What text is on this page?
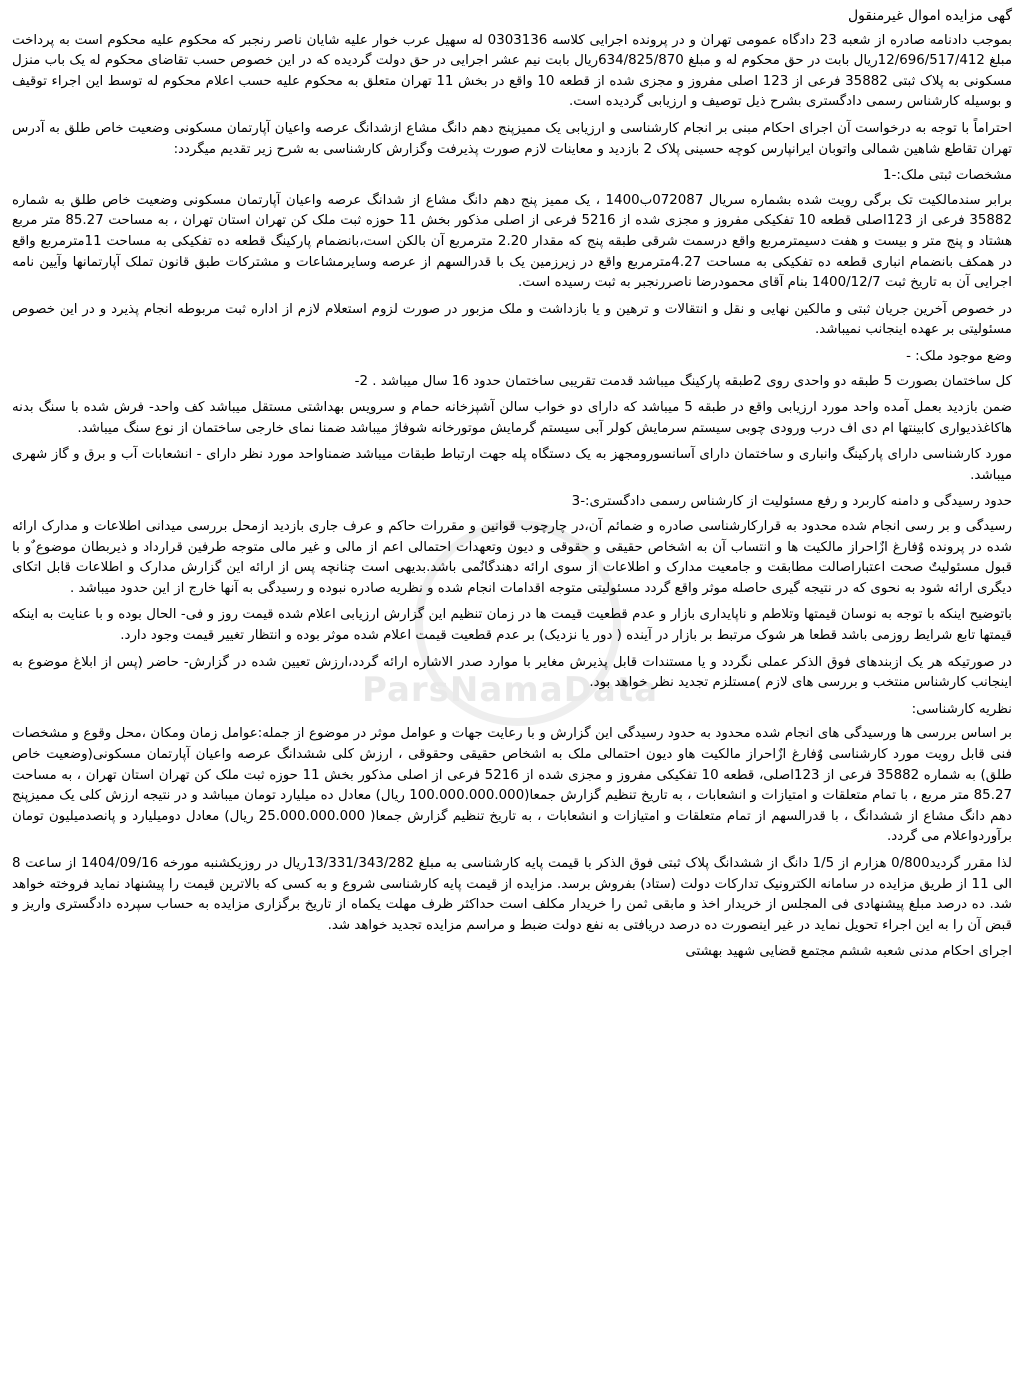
ParsNamaData

گهی مزایده اموال غیرمنقول

بموجب دادنامه صادره از شعبه 23 دادگاه عمومی تهران و در پرونده اجرایی کلاسه 0303136 له سهیل عرب خوار علیه شایان ناصر رنجبر که محکوم علیه محکوم است به پرداخت مبلغ 12/696/517/412ریال بابت در حق محکوم له و مبلغ 634/825/870ریال بابت نیم عشر اجرایی در حق دولت گردیده که در این خصوص حسب تقاضای محکوم له یک باب منزل مسکونی به پلاک ثبتی 35882 فرعی از 123 اصلی مفروز و مجزی شده از قطعه 10 واقع در بخش 11 تهران متعلق به محکوم علیه حسب اعلام محکوم له توسط این اجراء توقیف و بوسیله کارشناس رسمی دادگستری بشرح ذیل توصیف و ارزیابی گردیده است.

احتراماً با توجه به درخواست آن اجرای احکام مبنی بر انجام کارشناسی و ارزیابی یک ممیزپنج دهم دانگ مشاع ازشدانگ عرصه واعیان آپارتمان مسکونی وضعیت خاص طلق به آدرس تهران تقاطع شاهین شمالی واتوبان ایرانپارس کوچه حسینی پلاک 2 بازدید و معاینات لازم صورت پذیرفت وگزارش کارشناسی به شرح زیر تقدیم میگردد:

مشخصات ثبتی ملک:-1

برابر سندمالکیت تک برگی رویت شده بشماره سریال 072087ب1400 ، یک ممیز پنج دهم دانگ مشاع از شدانگ عرصه واعیان آپارتمان مسکونی وضعیت خاص طلق به شماره 35882 فرعی از 123اصلی قطعه 10 تفکیکی مفروز و مجزی شده از 5216 فرعی از اصلی مذکور بخش 11 حوزه ثبت ملک کن تهران استان تهران ، به مساحت 85.27 متر مربع هشتاد و پنج متر و بیست و هفت دسیمترمربع واقع درسمت شرقی طبقه پنج که مقدار 2.20 مترمربع آن بالکن است،بانضمام پارکینگ قطعه ده تفکیکی به مساحت 11مترمربع واقع در همکف بانضمام انباری قطعه ده تفکیکی به مساحت 4.27مترمربع واقع در زیرزمین یک با قدرالسهم از عرصه وسایرمشاعات و مشترکات طبق قانون تملک آپارتمانها وآیین نامه اجرایی آن به تاریخ ثبت 1400/12/7 بنام آقای محمودرضا ناصررنجبر به ثبت رسیده است.

در خصوص آخرین جریان ثبتی و مالکین نهایی و نقل و انتقالات و ترهین و یا بازداشت و ملک مزبور در صورت لزوم استعلام لازم از اداره ثبت مربوطه انجام پذیرد و در این خصوص مسئولیتی بر عهده اینجانب نمیباشد.

وضع موجود ملک: -

کل ساختمان بصورت 5 طبقه دو واحدی روی 2طبقه پارکینگ میباشد قدمت تقریبی ساختمان حدود 16 سال میباشد . 2-

ضمن بازدید بعمل آمده واحد مورد ارزیابی واقع در طبقه 5 میباشد که دارای دو خواب سالن آشپزخانه حمام و سرویس بهداشتی مستقل میباشد کف واحد- فرش شده با سنگ بدنه هاکاغذدیواری کابینتها ام دی اف درب ورودی چوبی سیستم سرمایش کولر آبی سیستم گرمایش موتورخانه شوفاژ میباشد ضمنا نمای خارجی ساختمان از نوع سنگ میباشد.

مورد کارشناسی دارای پارکینگ وانباری و ساختمان دارای آسانسورومجهز به یک دستگاه پله جهت ارتباط طبقات میباشد ضمناواحد مورد نظر دارای - انشعابات آب و برق و گاز شهری میباشد.

حدود رسیدگی و دامنه کاربرد و رفع مسئولیت از کارشناس رسمی دادگستری:-3

رسیدگی و بر رسی انجام شده محدود به قرارکارشناسی صادره و ضمائم آن،در چارچوب قوانین و مقررات حاکم و عرف جاری بازدید ازمحل بررسی میدانی اطلاعات و مدارک ارائه شده در پرونده وٌفارغ ازٌاحراز مالکیت ها و انتساب آن به اشخاص حقیقی و حقوقی و دیون وتعهدات احتمالی اعم از مالی و غیر مالی متوجه طرفین قرارداد و ذیربطان موضوع ٌو با قبول مسئولیتٌ صحت اعتباراصالت مطابقت و جامعیت مدارک و اطلاعات از سوی ارائه دهندگانٌمی باشد.بدیهی است چنانچه پس از ارائه این گزارش مدارک و اطلاعات قابل اتکای دیگری ارائه شود به نحوی که در نتیجه گیری حاصله موثر واقع گردد مسئولیتی متوجه اقدامات انجام شده و نظریه صادره نبوده و رسیدگی به آنها خارج از این حدود میباشد .

باتوضیح اینکه با توجه به نوسان قیمتها وتلاطم و ناپایداری بازار و عدم قطعیت قیمت ها در زمان تنظیم این گزارش ارزیابی اعلام شده قیمت روز و فی- الحال بوده و با عنایت به اینکه قیمتها تابع شرایط روزمی باشد قطعا هر شوک مرتبط بر بازار در آینده ( دور یا نزدیک) بر عدم قطعیت قیمت اعلام شده موثر بوده و انتظار تغییر قیمت وجود دارد.

در صورتیکه هر یک ازبندهای فوق الذکر عملی نگردد و یا مستندات قابل پذیرش مغایر با موارد صدر الاشاره ارائه گردد،ارزش تعیین شده در گزارش- حاضر (پس از ابلاغ موضوع به اینجانب کارشناس منتخب و بررسی های لازم )مستلزم تجدید نظر خواهد بود.

نظریه کارشناسی:

بر اساس بررسی ها ورسیدگی های انجام شده محدود به حدود رسیدگی این گزارش و با رعایت جهات و عوامل موثر در موضوع از جمله:عوامل زمان ومکان ،محل وقوع و مشخصات فنی قابل رویت مورد کارشناسی وٌفارغ ازٌاحراز مالکیت هاو دیون احتمالی ملک به اشخاص حقیقی وحقوقی ، ارزش کلی ششدانگ عرصه واعیان آپارتمان مسکونی(وضعیت خاص طلق) به شماره 35882 فرعی از 123اصلی، قطعه 10 تفکیکی مفروز و مجزی شده از 5216 فرعی از اصلی مذکور بخش 11 حوزه ثبت ملک کن تهران استان تهران ، به مساحت 85.27 متر مربع ، با تمام متعلقات و امتیازات و انشعابات ، به تاریخ تنظیم گزارش جمعا(100.000.000.000 ریال) معادل ده میلیارد تومان میباشد و در نتیجه ارزش کلی یک ممیزپنج دهم دانگ مشاع از ششدانگ ، با قدرالسهم از تمام متعلقات و امتیازات و انشعابات ، به تاریخ تنظیم گزارش جمعا( 25.000.000.000 ریال) معادل دومیلیارد و پانصدمیلیون تومان برآوردواعلام می گردد.

لذا مقرر گردید0/800 هزارم از 1/5 دانگ از ششدانگ پلاک ثبتی فوق الذکر با قیمت پایه کارشناسی به مبلغ 13/331/343/282ریال در روزیکشنبه مورخه 1404/09/16 از ساعت 8 الی 11 از طریق مزایده در سامانه الکترونیک تدارکات دولت (ستاد) بفروش برسد. مزایده از قیمت پایه کارشناسی شروع و به کسی که بالاترین قیمت را پیشنهاد نماید فروخته خواهد شد. ده درصد مبلغ پیشنهادی فی المجلس از خریدار اخذ و مابقی ثمن را خریدار مکلف است حداکثر ظرف مهلت یکماه از تاریخ برگزاری مزایده به حساب سپرده دادگستری واریز و قبض آن را به این اجراء تحویل نماید در غیر اینصورت ده درصد دریافتی به نفع دولت ضبط و مراسم مزایده تجدید خواهد شد.

اجرای احکام مدنی شعبه ششم مجتمع قضایی شهید بهشتی
